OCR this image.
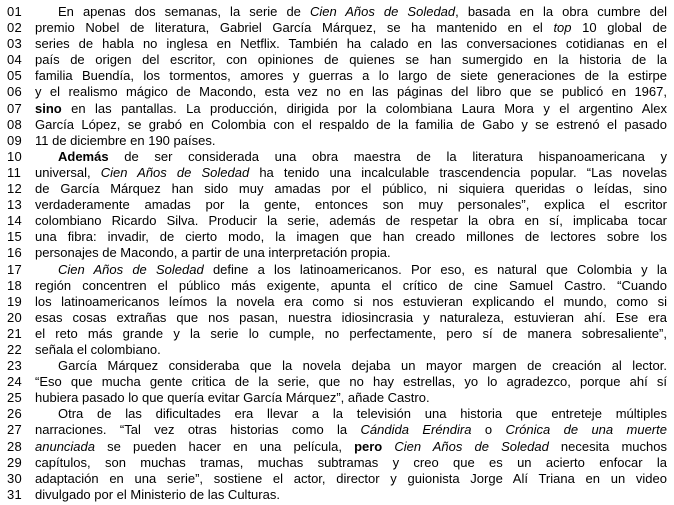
01	En apenas dos semanas, la serie de Cien Años de Soledad, basada en la obra cumbre del
02 premio Nobel de literatura, Gabriel García Márquez, se ha mantenido en el top 10 global de
03 series de habla no inglesa en Netflix. También ha calado en las conversaciones cotidianas en el
04 país de origen del escritor, con opiniones de quienes se han sumergido en la historia de la
05 familia Buendía, los tormentos, amores y guerras a lo largo de siete generaciones de la estirpe
06 y el realismo mágico de Macondo, esta vez no en las páginas del libro que se publicó en 1967,
07 sino en las pantallas. La producción, dirigida por la colombiana Laura Mora y el argentino Alex
08 García López, se grabó en Colombia con el respaldo de la familia de Gabo y se estrenó el pasado
09 11 de diciembre en 190 países.
10	Además de ser considerada una obra maestra de la literatura hispanoamericana y
11	universal, Cien Años de Soledad ha tenido una incalculable trascendencia popular. “Las novelas
12 de García Márquez han sido muy amadas por el público, ni siquiera queridas o leídas, sino
13 verdaderamente amadas por la gente, entonces son muy personales”, explica el escritor
14 colombiano Ricardo Silva. Producir la serie, además de respetar la obra en sí, implicaba tocar
15 una fibra: invadir, de cierto modo, la imagen que han creado millones de lectores sobre los
16 personajes de Macondo, a partir de una interpretación propia.
17	Cien Años de Soledad define a los latinoamericanos. Por eso, es natural que Colombia y la
18 región concentren el público más exigente, apunta el crítico de cine Samuel Castro. “Cuando
19 los latinoamericanos leímos la novela era como si nos estuvieran explicando el mundo, como si
20 esas cosas extrañas que nos pasan, nuestra idiosincrasia y naturaleza, estuvieran ahí. Ese era
21 el reto más grande y la serie lo cumple, no perfectamente, pero sí de manera sobresaliente”,
22 señala el colombiano.
23	García Márquez consideraba que la novela dejaba un mayor margen de creación al lector.
24 “Eso que mucha gente critica de la serie, que no hay estrellas, yo lo agradezco, porque ahí sí
25 hubiera pasado lo que quería evitar García Márquez”, añade Castro.
26	Otra de las dificultades era llevar a la televisión una historia que entreteje múltiples
27 narraciones. “Tal vez otras historias como la Cándida Eréndira o Crónica de una muerte
28 anunciada se pueden hacer en una película, pero Cien Años de Soledad necesita muchos
29 capítulos, son muchas tramas, muchas subtramas y creo que es un acierto enfocar la
30 adaptación en una serie”, sostiene el actor, director y guionista Jorge Alí Triana en un video
31 divulgado por el Ministerio de las Culturas.
